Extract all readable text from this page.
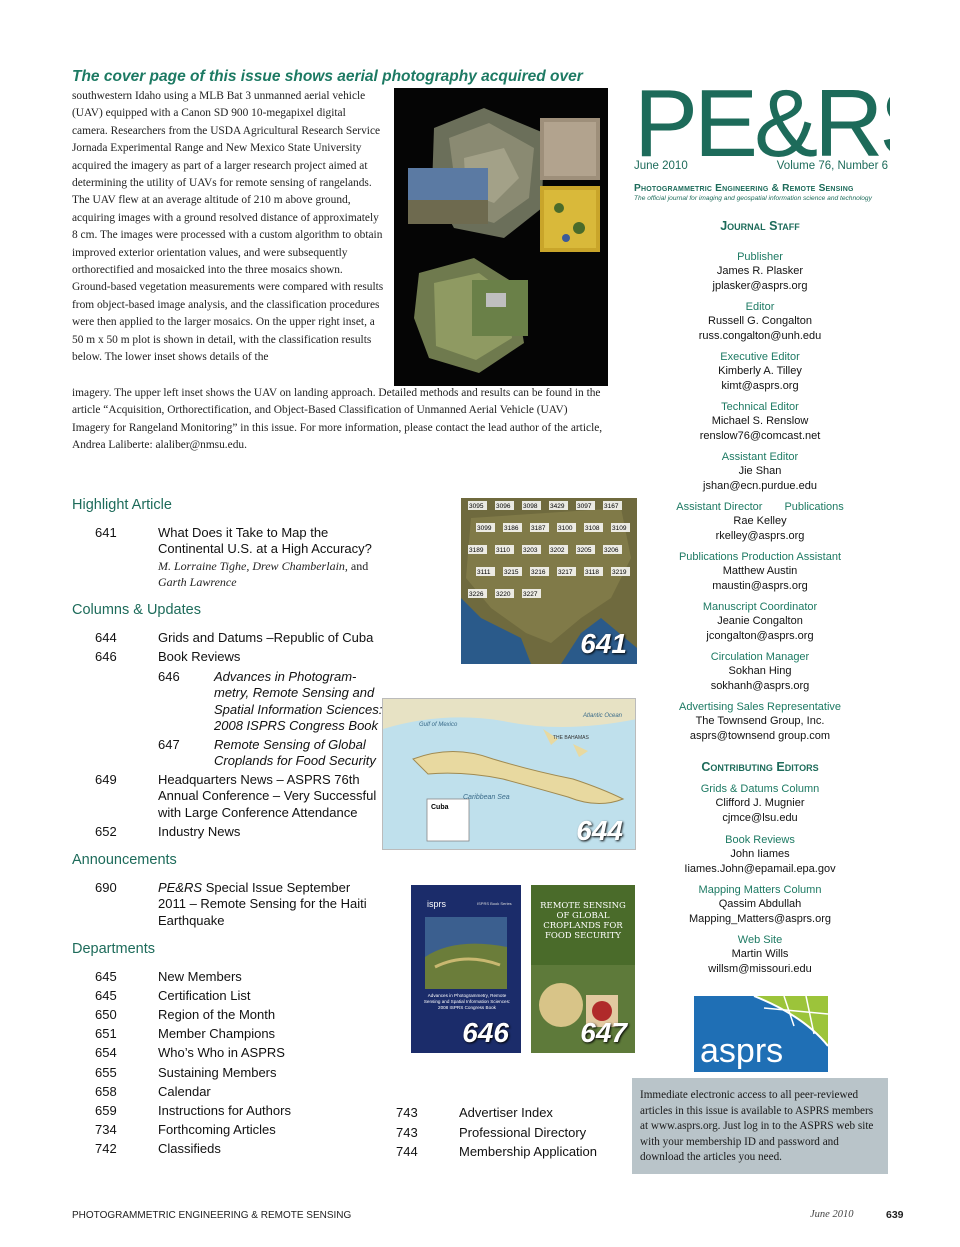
The cover page of this issue shows aerial photography acquired over
southwestern Idaho using a MLB Bat 3 unmanned aerial vehicle (UAV) equipped with a Canon SD 900 10-megapixel digital camera. Researchers from the USDA Agricultural Research Service Jornada Experimental Range and New Mexico State University acquired the imagery as part of a larger research project aimed at determining the utility of UAVs for remote sensing of rangelands. The UAV flew at an average altitude of 210 m above ground, acquiring images with a ground resolved distance of approximately 8 cm. The images were processed with a custom algorithm to obtain improved exterior orientation values, and were subsequently orthorectified and mosaicked into the three mosaics shown. Ground-based vegetation measurements were compared with results from object-based image analysis, and the classification procedures were then applied to the larger mosaics. On the upper right inset, a 50 m x 50 m plot is shown in detail, with the classification results below. The lower inset shows details of the
imagery. The upper left inset shows the UAV on landing approach. Detailed methods and results can be found in the article “Acquisition, Orthorectification, and Object-Based Classification of Unmanned Aerial Vehicle (UAV) Imagery for Rangeland Monitoring” in this issue. For more information, please contact the lead author of the article, Andrea Laliberte: alaliber@nmsu.edu.
PE&R
June 2010	Volume 76, Number 6
Photogrammetric Engineering & Remote Sensing
The official journal for imaging and geospatial information science and technology
Journal Staff
Publisher
James R. Plasker
jplasker@asprs.org
Editor
Russell G. Congalton
russ.congalton@unh.edu
Executive Editor
Kimberly A. Tilley
kimt@asprs.org
Technical Editor
Michael S. Renslow
renslow76@comcast.net
Assistant Editor
Jie Shan
jshan@ecn.purdue.edu
Assistant Director Publications
Rae Kelley
rkelley@asprs.org
Publications Production Assistant
Matthew Austin
maustin@asprs.org
Manuscript Coordinator
Jeanie Congalton
jcongalton@asprs.org
Circulation Manager
Sokhan Hing
sokhanh@asprs.org
Advertising Sales Representative
The Townsend Group, Inc.
asprs@townsend group.com
Contributing Editors
Grids & Datums Column
Clifford J. Mugnier
cjmce@lsu.edu
Book Reviews
John Iiames
Iiames.John@epamail.epa.gov
Mapping Matters Column
Qassim Abdullah
Mapping_Matters@asprs.org
Web Site
Martin Wills
willsm@missouri.edu
asprs
Immediate electronic access to all peer-reviewed articles in this issue is available to ASPRS members at www.asprs.org. Just log in to the ASPRS web site with your membership ID and password and download the articles you need.
Highlight Article
641	What Does it Take to Map the
Continental U.S. at a High Accuracy?
M. Lorraine Tighe, Drew Chamberlain, and
Garth Lawrence
Columns & Updates
644	Grids and Datums –Republic of Cuba
646	Book Reviews
646	Advances in Photogram-
metry, Remote Sensing and
Spatial Information Sciences:
2008 ISPRS Congress Book
647	Remote Sensing of Global
Croplands for Food Security
649	Headquarters News – ASPRS 76th
Annual Conference – Very Successful
with Large Conference Attendance
652	Industry News
Announcements
690	PE&RS Special Issue September
2011 – Remote Sensing for the Haiti
Earthquake
Departments
645	New Members
645	Certification List
650	Region of the Month
651	Member Champions
654	Who’s Who in ASPRS
655	Sustaining Members
658	Calendar
659	Instructions for Authors
734	Forthcoming Articles
742	Classifieds
743	Advertiser Index
743	Professional Directory
744	Membership Application
3095 3096 3098 3429 3097 3167
3099 3186 3187 3100 3108 3109
3189 3110 3203 3202 3205 3206
3111 3215 3216 3217 3118 3219
3226 3220 3227
641
Cuba
Gulf of Mexico
Atlantic Ocean
THE BAHAMAS
Caribbean Sea
644
isprs	ISPRS Book Series
Advances in Photogrammetry, Remote Sensing and Spatial Information Sciences: 2008 ISPRS Congress Book
646
REMOTE SENSING OF GLOBAL CROPLANDS FOR FOOD SECURITY
647
PHOTOGRAMMETRIC ENGINEERING & REMOTE SENSING	June 2010	639
